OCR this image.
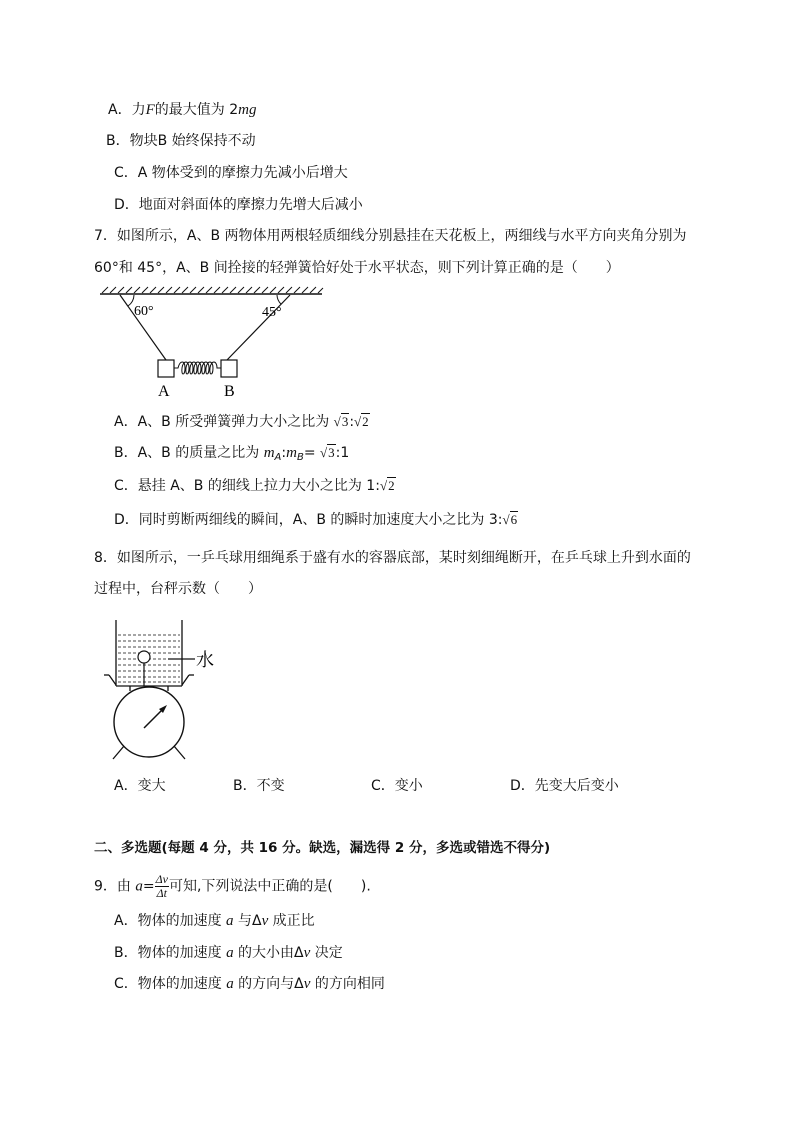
A．力F的最大值为 2mg
B．物块B 始终保持不动
C．A 物体受到的摩擦力先减小后增大
D．地面对斜面体的摩擦力先增大后减小
7．如图所示，A、B 两物体用两根轻质细线分别悬挂在天花板上，两细线与水平方向夹角分别为
60°和 45°，A、B 间拴接的轻弹簧恰好处于水平状态，则下列计算正确的是（　　）
60°	45°
A	B
A．A、B 所受弹簧弹力大小之比为 √3:√2
B．A、B 的质量之比为 $m_A:m_B=$ √3:1
C．悬挂 A、B 的细线上拉力大小之比为 1:√2
D．同时剪断两细线的瞬间，A、B 的瞬时加速度大小之比为 3:√6
8．如图所示，一乒乓球用细绳系于盛有水的容器底部，某时刻细绳断开，在乒乓球上升到水面的
过程中，台秤示数（　　）
水
A．变大	B．不变	C．变小	D．先变大后变小
二、多选题(每题 4 分，共 16 分。缺选，漏选得 2 分，多选或错选不得分)
9．由 $a= \frac{\Delta v}{\Delta t}$ 可知,下列说法中正确的是(　　).
A．物体的加速度 a 与Δv 成正比
B．物体的加速度 a 的大小由Δv 决定
C．物体的加速度 a 的方向与Δv 的方向相同
